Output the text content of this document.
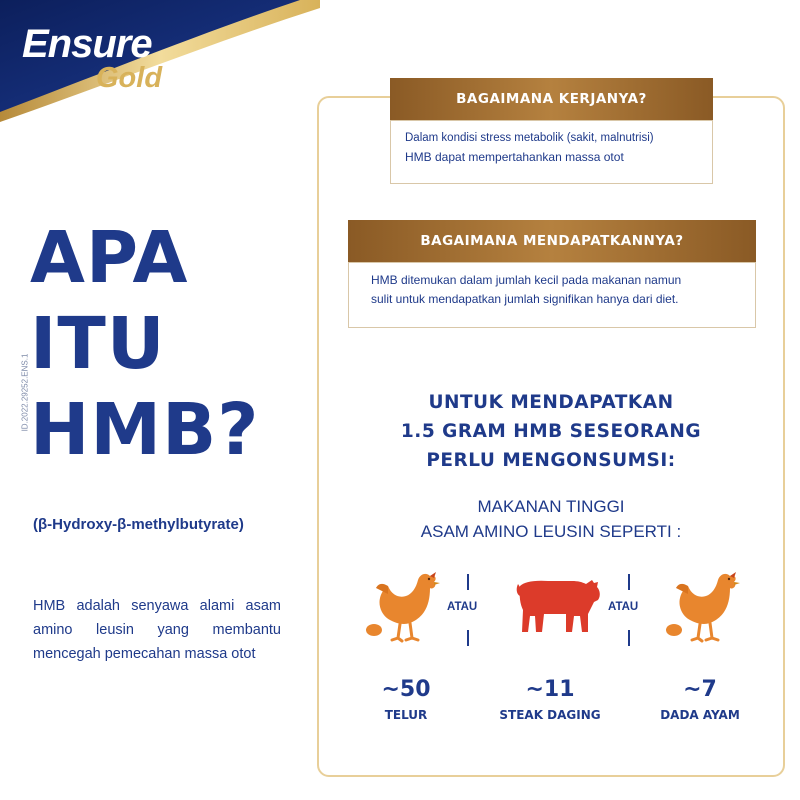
Ensure
Gold
ID.2022.29252.ENS.1
APA
ITU
HMB?
(β-Hydroxy-β-methylbutyrate)
HMB adalah senyawa alami asam amino leusin yang membantu mencegah pemecahan massa otot
BAGAIMANA KERJANYA?
Dalam kondisi stress metabolik (sakit, malnutrisi)
HMB dapat mempertahankan massa otot
BAGAIMANA MENDAPATKANNYA?
HMB ditemukan dalam jumlah kecil pada makanan namun
sulit untuk mendapatkan jumlah signifikan hanya dari diet.
UNTUK MENDAPATKAN
1.5 GRAM HMB SESEORANG
PERLU MENGONSUMSI:
MAKANAN TINGGI
ASAM AMINO LEUSIN SEPERTI :
ATAU	ATAU
~50
TELUR
~11
STEAK DAGING
~7
DADA AYAM
